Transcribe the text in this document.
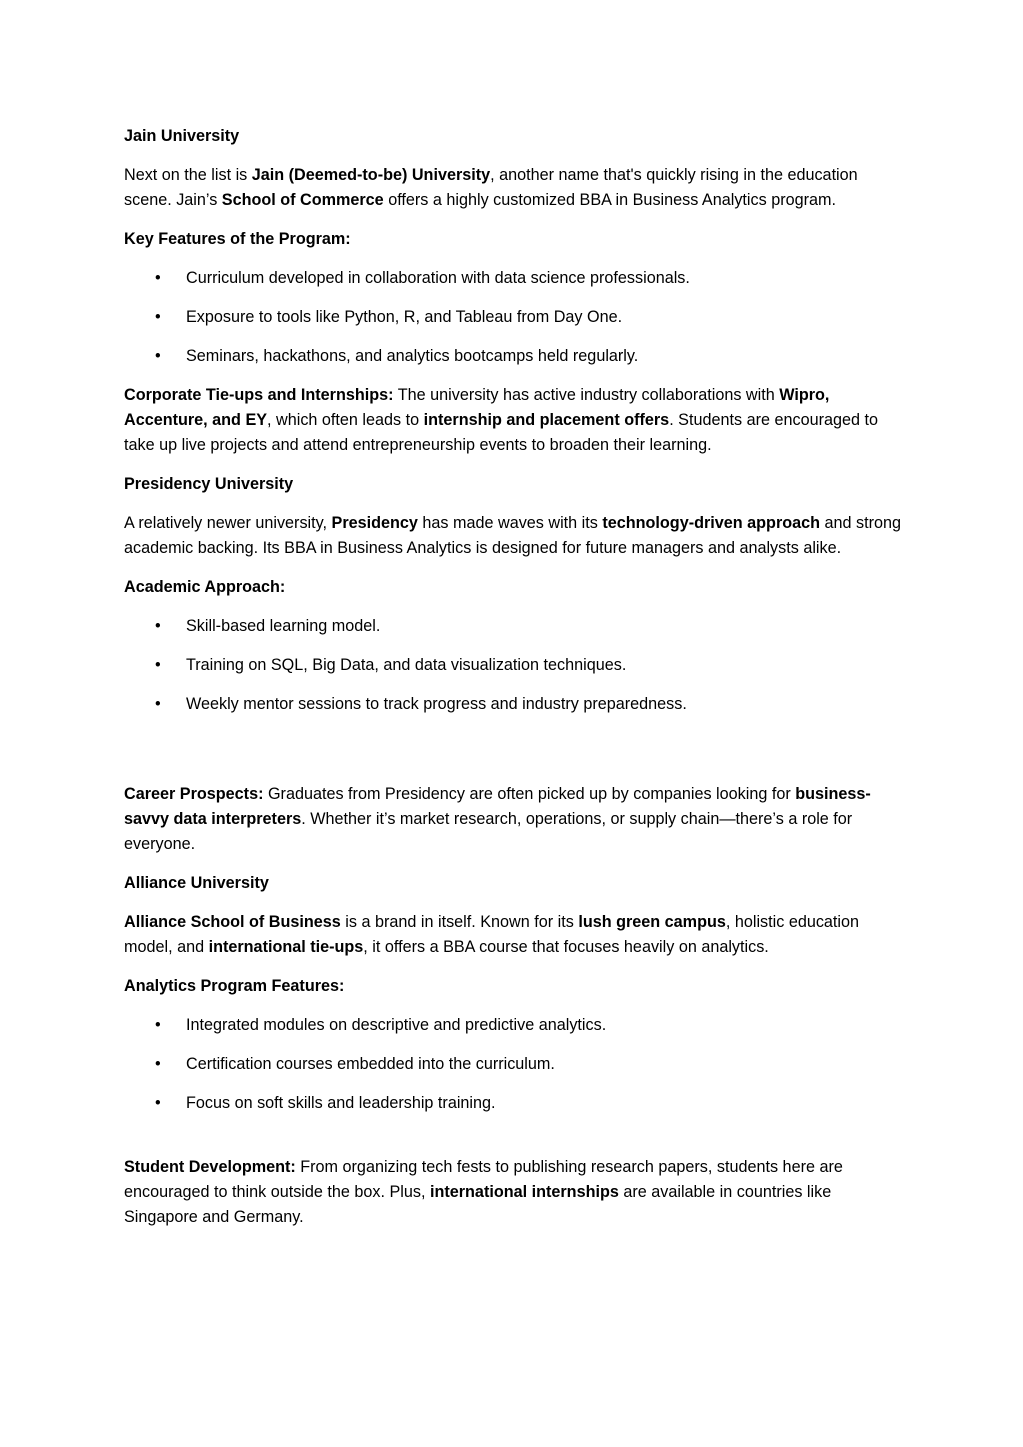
Jain University

Next on the list is Jain (Deemed-to-be) University, another name that's quickly rising in the education scene. Jain’s School of Commerce offers a highly customized BBA in Business Analytics program.

Key Features of the Program:

• Curriculum developed in collaboration with data science professionals.
• Exposure to tools like Python, R, and Tableau from Day One.
• Seminars, hackathons, and analytics bootcamps held regularly.

Corporate Tie-ups and Internships: The university has active industry collaborations with Wipro, Accenture, and EY, which often leads to internship and placement offers. Students are encouraged to take up live projects and attend entrepreneurship events to broaden their learning.

Presidency University

A relatively newer university, Presidency has made waves with its technology-driven approach and strong academic backing. Its BBA in Business Analytics is designed for future managers and analysts alike.

Academic Approach:

• Skill-based learning model.
• Training on SQL, Big Data, and data visualization techniques.
• Weekly mentor sessions to track progress and industry preparedness.

Career Prospects: Graduates from Presidency are often picked up by companies looking for business-savvy data interpreters. Whether it’s market research, operations, or supply chain—there’s a role for everyone.

Alliance University

Alliance School of Business is a brand in itself. Known for its lush green campus, holistic education model, and international tie-ups, it offers a BBA course that focuses heavily on analytics.

Analytics Program Features:

• Integrated modules on descriptive and predictive analytics.
• Certification courses embedded into the curriculum.
• Focus on soft skills and leadership training.

Student Development: From organizing tech fests to publishing research papers, students here are encouraged to think outside the box. Plus, international internships are available in countries like Singapore and Germany.
